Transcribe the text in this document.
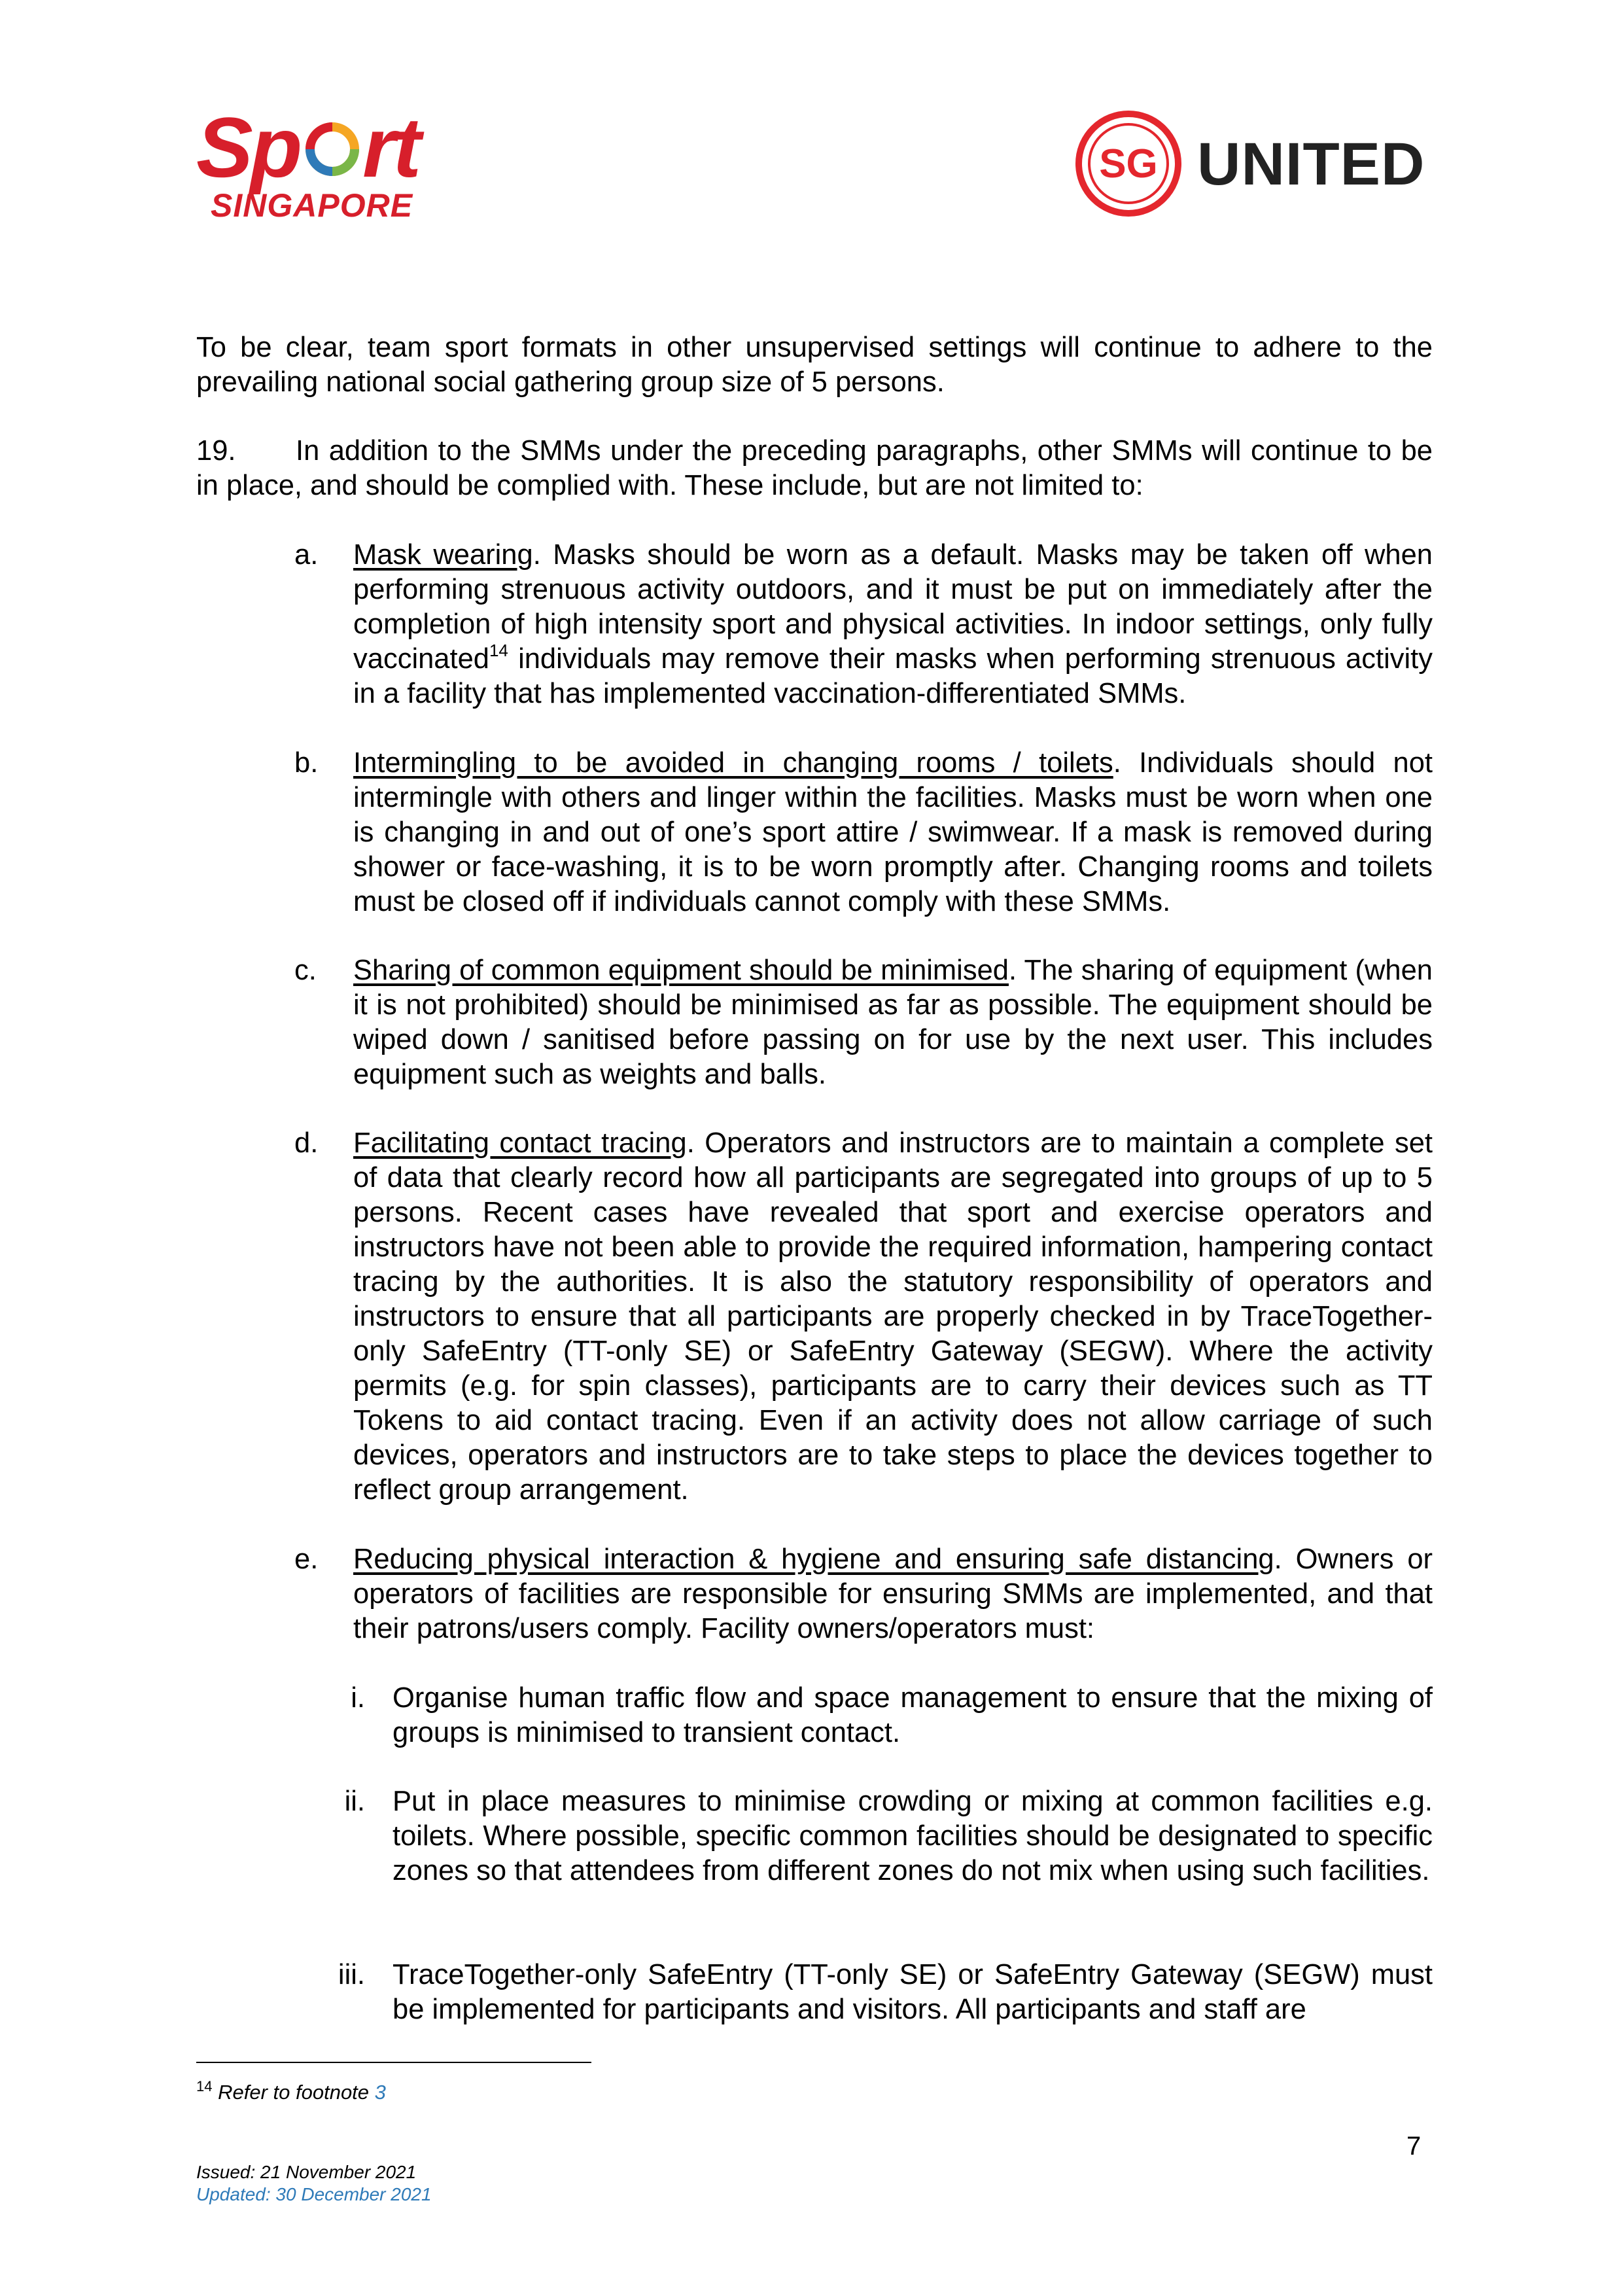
Sp rt
SINGAPORE
SG UNITED
To be clear, team sport formats in other unsupervised settings will continue to adhere to the prevailing national social gathering group size of 5 persons.
19. In addition to the SMMs under the preceding paragraphs, other SMMs will continue to be in place, and should be complied with. These include, but are not limited to:
a. Mask wearing. Masks should be worn as a default. Masks may be taken off when performing strenuous activity outdoors, and it must be put on immediately after the completion of high intensity sport and physical activities. In indoor settings, only fully vaccinated$^{14}$ individuals may remove their masks when performing strenuous activity in a facility that has implemented vaccination-differentiated SMMs.
b. Intermingling to be avoided in changing rooms / toilets. Individuals should not intermingle with others and linger within the facilities. Masks must be worn when one is changing in and out of one’s sport attire / swimwear. If a mask is removed during shower or face-washing, it is to be worn promptly after. Changing rooms and toilets must be closed off if individuals cannot comply with these SMMs.
c. Sharing of common equipment should be minimised. The sharing of equipment (when it is not prohibited) should be minimised as far as possible. The equipment should be wiped down / sanitised before passing on for use by the next user. This includes equipment such as weights and balls.
d. Facilitating contact tracing. Operators and instructors are to maintain a complete set of data that clearly record how all participants are segregated into groups of up to 5 persons. Recent cases have revealed that sport and exercise operators and instructors have not been able to provide the required information, hampering contact tracing by the authorities. It is also the statutory responsibility of operators and instructors to ensure that all participants are properly checked in by TraceTogether-only SafeEntry (TT-only SE) or SafeEntry Gateway (SEGW). Where the activity permits (e.g. for spin classes), participants are to carry their devices such as TT Tokens to aid contact tracing. Even if an activity does not allow carriage of such devices, operators and instructors are to take steps to place the devices together to reflect group arrangement.
e. Reducing physical interaction & hygiene and ensuring safe distancing. Owners or operators of facilities are responsible for ensuring SMMs are implemented, and that their patrons/users comply. Facility owners/operators must:
i. Organise human traffic flow and space management to ensure that the mixing of groups is minimised to transient contact.
ii. Put in place measures to minimise crowding or mixing at common facilities e.g. toilets. Where possible, specific common facilities should be designated to specific zones so that attendees from different zones do not mix when using such facilities.
iii. TraceTogether-only SafeEntry (TT-only SE) or SafeEntry Gateway (SEGW) must be implemented for participants and visitors. All participants and staff are
$^{14}$ Refer to footnote 3
7
Issued: 21 November 2021
Updated: 30 December 2021
